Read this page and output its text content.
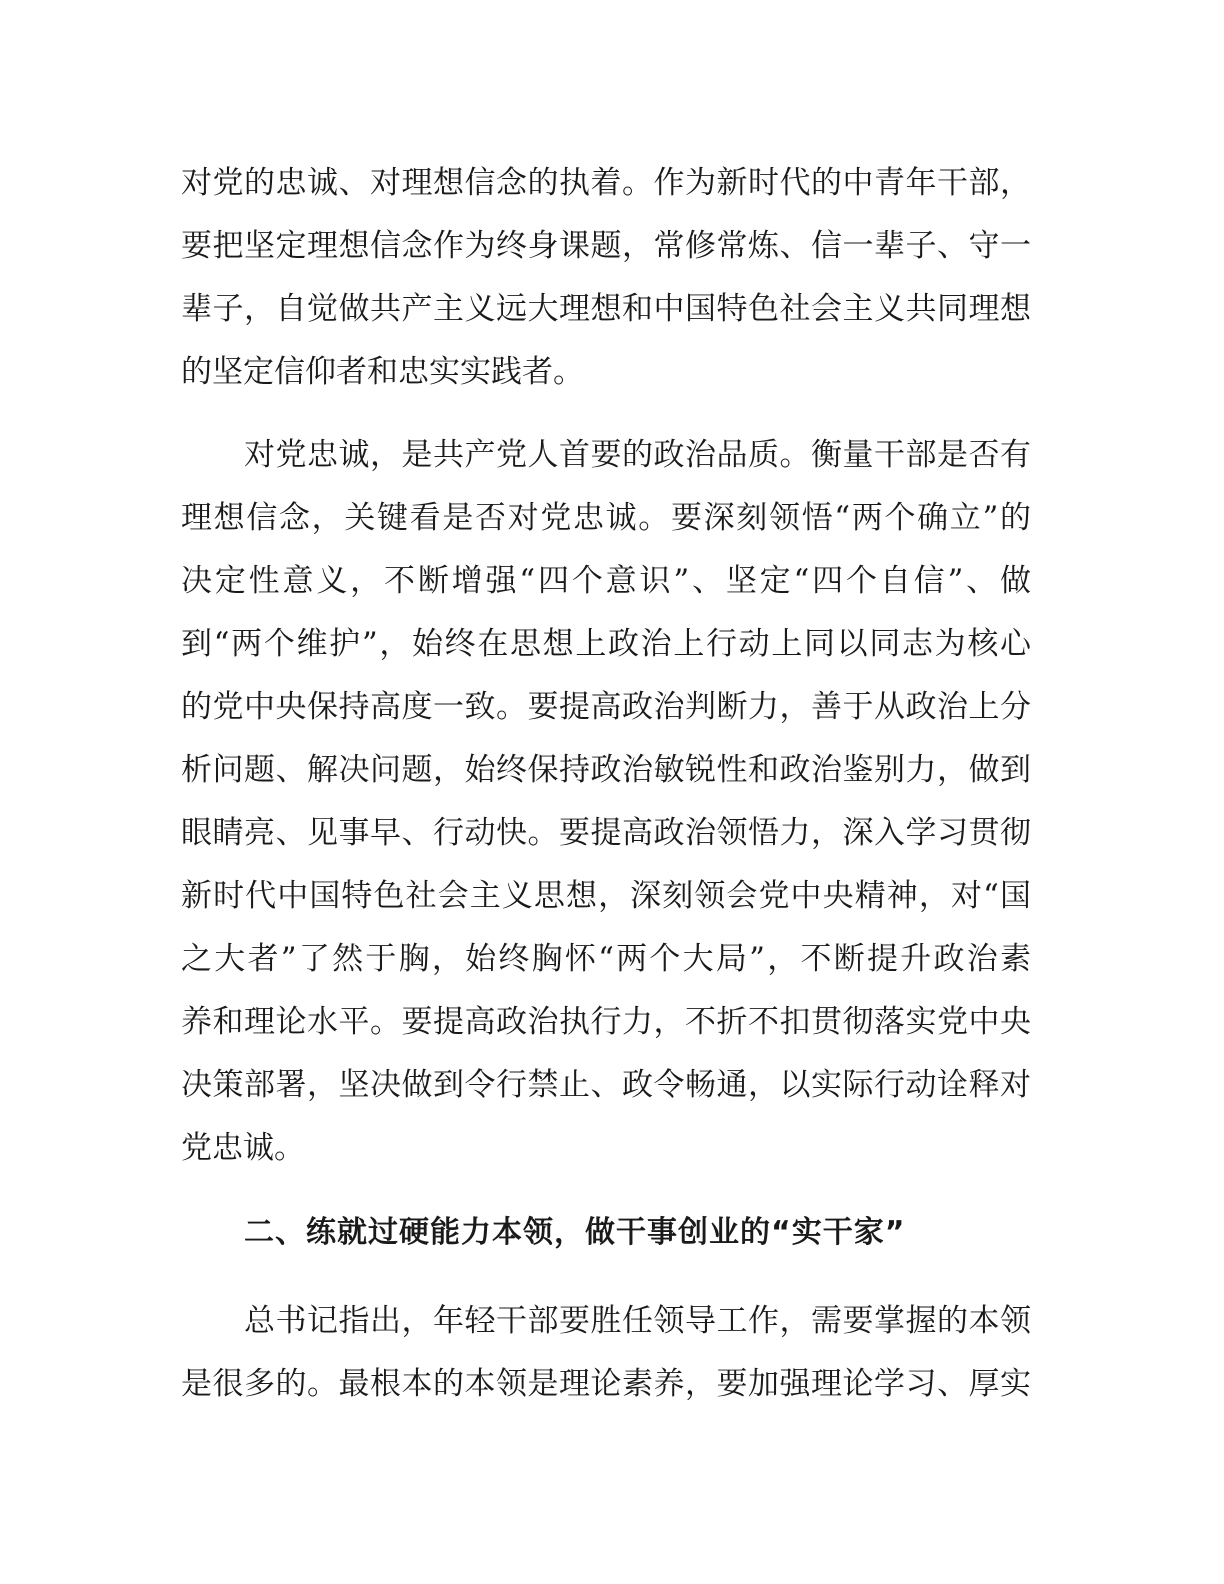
对党的忠诚、对理想信念的执着。作为新时代的中青年干部，
要把坚定理想信念作为终身课题，常修常炼、信一辈子、守一
辈子，自觉做共产主义远大理想和中国特色社会主义共同理想
的坚定信仰者和忠实实践者。
对党忠诚，是共产党人首要的政治品质。衡量干部是否有
理想信念，关键看是否对党忠诚。要深刻领悟“两个确立”的
决定性意义，不断增强“四个意识”、坚定“四个自信”、做
到“两个维护”，始终在思想上政治上行动上同以同志为核心
的党中央保持高度一致。要提高政治判断力，善于从政治上分
析问题、解决问题，始终保持政治敏锐性和政治鉴别力，做到
眼睛亮、见事早、行动快。要提高政治领悟力，深入学习贯彻
新时代中国特色社会主义思想，深刻领会党中央精神，对“国
之大者”了然于胸，始终胸怀“两个大局”，不断提升政治素
养和理论水平。要提高政治执行力，不折不扣贯彻落实党中央
决策部署，坚决做到令行禁止、政令畅通，以实际行动诠释对
党忠诚。
二、练就过硬能力本领，做干事创业的“实干家”
总书记指出，年轻干部要胜任领导工作，需要掌握的本领
是很多的。最根本的本领是理论素养，要加强理论学习、厚实
